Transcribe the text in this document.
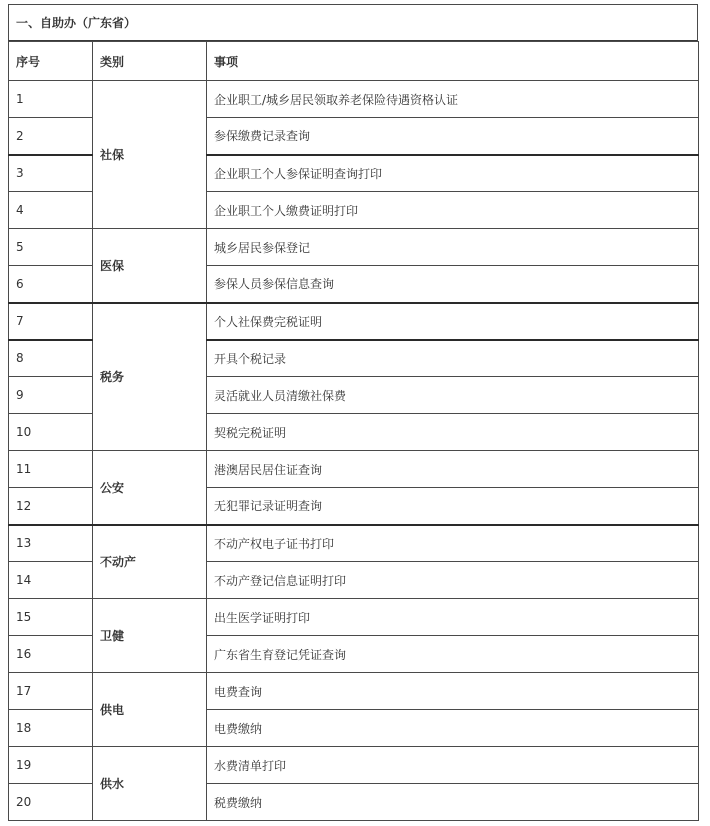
一、自助办（广东省）
序号	类别	事项
1	社保	企业职工/城乡居民领取养老保险待遇资格认证
2		参保缴费记录查询
3		企业职工个人参保证明查询打印
4		企业职工个人缴费证明打印
5	医保	城乡居民参保登记
6		参保人员参保信息查询
7	税务	个人社保费完税证明
8		开具个税记录
9		灵活就业人员清缴社保费
10		契税完税证明
11	公安	港澳居民居住证查询
12		无犯罪记录证明查询
13	不动产	不动产权电子证书打印
14		不动产登记信息证明打印
15	卫健	出生医学证明打印
16		广东省生育登记凭证查询
17	供电	电费查询
18		电费缴纳
19	供水	水费清单打印
20		税费缴纳
